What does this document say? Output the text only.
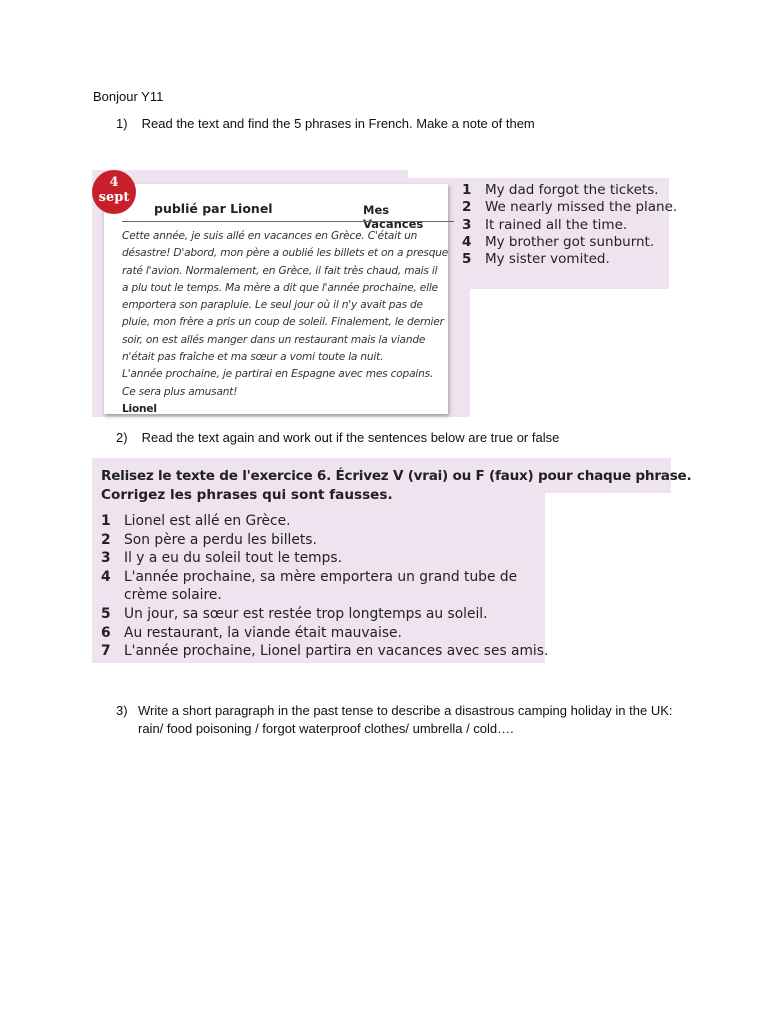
Bonjour Y11
1) Read the text and find the 5 phrases in French. Make a note of them
publié par Lionel	Mes Vacances
Cette année, je suis allé en vacances en Grèce. C'était un
désastre! D'abord, mon père a oublié les billets et on a presque
raté l'avion. Normalement, en Grèce, il fait très chaud, mais il
a plu tout le temps. Ma mère a dit que l'année prochaine, elle
emportera son parapluie. Le seul jour où il n'y avait pas de
pluie, mon frère a pris un coup de soleil. Finalement, le dernier
soir, on est allés manger dans un restaurant mais la viande
n'était pas fraîche et ma sœur a vomi toute la nuit.
L'année prochaine, je partirai en Espagne avec mes copains.
Ce sera plus amusant!
Lionel
4
sept	1 My dad forgot the tickets.
2 We nearly missed the plane.
3 It rained all the time.
4 My brother got sunburnt.
5 My sister vomited.
2) Read the text again and work out if the sentences below are true or false
Relisez le texte de l'exercice 6. Écrivez V (vrai) ou F (faux) pour chaque phrase.
Corrigez les phrases qui sont fausses.
1 Lionel est allé en Grèce.
2 Son père a perdu les billets.
3 Il y a eu du soleil tout le temps.
4 L'année prochaine, sa mère emportera un grand tube de crème solaire.
5 Un jour, sa sœur est restée trop longtemps au soleil.
6 Au restaurant, la viande était mauvaise.
7 L'année prochaine, Lionel partira en vacances avec ses amis.
3) Write a short paragraph in the past tense to describe a disastrous camping holiday in the UK:
rain/ food poisoning / forgot waterproof clothes/ umbrella / cold….
